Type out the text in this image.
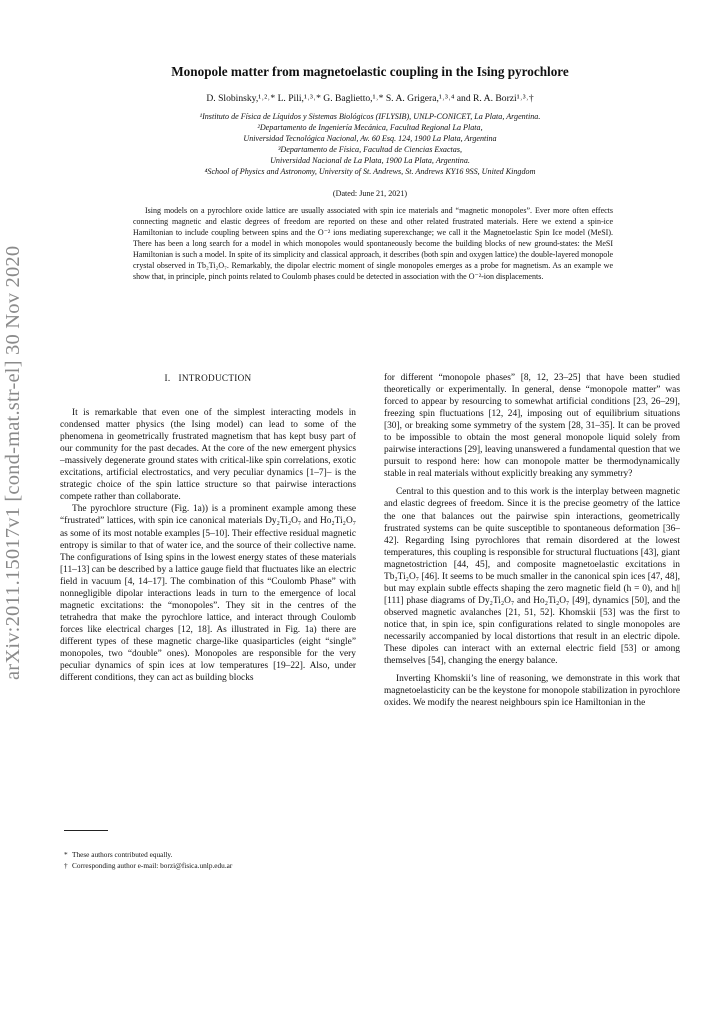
arXiv:2011.15017v1 [cond-mat.str-el] 30 Nov 2020
Monopole matter from magnetoelastic coupling in the Ising pyrochlore
D. Slobinsky,¹˒²˒* L. Pili,¹˒³˒* G. Baglietto,¹˒* S. A. Grigera,¹˒³˒⁴ and R. A. Borzi¹˒³˒†
¹Instituto de Física de Líquidos y Sistemas Biológicos (IFLYSIB), UNLP-CONICET, La Plata, Argentina.
²Departamento de Ingeniería Mecánica, Facultad Regional La Plata,
Universidad Tecnológica Nacional, Av. 60 Esq. 124, 1900 La Plata, Argentina
³Departamento de Física, Facultad de Ciencias Exactas,
Universidad Nacional de La Plata, 1900 La Plata, Argentina.
⁴School of Physics and Astronomy, University of St. Andrews, St. Andrews KY16 9SS, United Kingdom
(Dated: June 21, 2021)

Ising models on a pyrochlore oxide lattice are usually associated with spin ice materials and “magnetic monopoles”. Ever more often effects connecting magnetic and elastic degrees of freedom are reported on these and other related frustrated materials. Here we extend a spin-ice Hamiltonian to include coupling between spins and the O⁻² ions mediating superexchange; we call it the Magnetoelastic Spin Ice model (MeSI). There has been a long search for a model in which monopoles would spontaneously become the building blocks of new ground-states: the MeSI Hamiltonian is such a model. In spite of its simplicity and classical approach, it describes (both spin and oxygen lattice) the double-layered monopole crystal observed in Tb₂Ti₂O₇. Remarkably, the dipolar electric moment of single monopoles emerges as a probe for magnetism. As an example we show that, in principle, pinch points related to Coulomb phases could be detected in association with the O⁻²-ion displacements.

I. INTRODUCTION

It is remarkable that even one of the simplest interacting models in condensed matter physics (the Ising model) can lead to some of the phenomena in geometrically frustrated magnetism that has kept busy part of our community for the past decades. At the core of the new emergent physics –massively degenerate ground states with critical-like spin correlations, exotic excitations, artificial electrostatics, and very peculiar dynamics [1–7]– is the strategic choice of the spin lattice structure so that pairwise interactions compete rather than collaborate.

The pyrochlore structure (Fig. 1a)) is a prominent example among these “frustrated” lattices, with spin ice canonical materials Dy₂Ti₂O₇ and Ho₂Ti₂O₇ as some of its most notable examples [5–10]. Their effective residual magnetic entropy is similar to that of water ice, and the source of their collective name. The configurations of Ising spins in the lowest energy states of these materials [11–13] can be described by a lattice gauge field that fluctuates like an electric field in vacuum [4, 14–17]. The combination of this “Coulomb Phase” with nonnegligible dipolar interactions leads in turn to the emergence of local magnetic excitations: the “monopoles”. They sit in the centres of the tetrahedra that make the pyrochlore lattice, and interact through Coulomb forces like electrical charges [12, 18]. As illustrated in Fig. 1a) there are different types of these magnetic charge-like quasiparticles (eight “single” monopoles, two “double” ones). Monopoles are responsible for the very peculiar dynamics of spin ices at low temperatures [19–22]. Also, under different conditions, they can act as building blocks

for different “monopole phases” [8, 12, 23–25] that have been studied theoretically or experimentally. In general, dense “monopole matter” was forced to appear by resourcing to somewhat artificial conditions [23, 26–29], freezing spin fluctuations [12, 24], imposing out of equilibrium situations [30], or breaking some symmetry of the system [28, 31–35]. It can be proved to be impossible to obtain the most general monopole liquid solely from pairwise interactions [29], leaving unanswered a fundamental question that we pursuit to respond here: how can monopole matter be thermodynamically stable in real materials without explicitly breaking any symmetry?

Central to this question and to this work is the interplay between magnetic and elastic degrees of freedom. Since it is the precise geometry of the lattice the one that balances out the pairwise spin interactions, geometrically frustrated systems can be quite susceptible to spontaneous deformation [36–42]. Regarding Ising pyrochlores that remain disordered at the lowest temperatures, this coupling is responsible for structural fluctuations [43], giant magnetostriction [44, 45], and composite magnetoelastic excitations in Tb₂Ti₂O₇ [46]. It seems to be much smaller in the canonical spin ices [47, 48], but may explain subtle effects shaping the zero magnetic field (h = 0), and h||[111] phase diagrams of Dy₂Ti₂O₇ and Ho₂Ti₂O₇ [49], dynamics [50], and the observed magnetic avalanches [21, 51, 52]. Khomskii [53] was the first to notice that, in spin ice, spin configurations related to single monopoles are necessarily accompanied by local distortions that result in an electric dipole. These dipoles can interact with an external electric field [53] or among themselves [54], changing the energy balance.

Inverting Khomskii’s line of reasoning, we demonstrate in this work that magnetoelasticity can be the keystone for monopole stabilization in pyrochlore oxides. We modify the nearest neighbours spin ice Hamiltonian in the

* These authors contributed equally.
† Corresponding author e-mail: borzi@fisica.unlp.edu.ar
